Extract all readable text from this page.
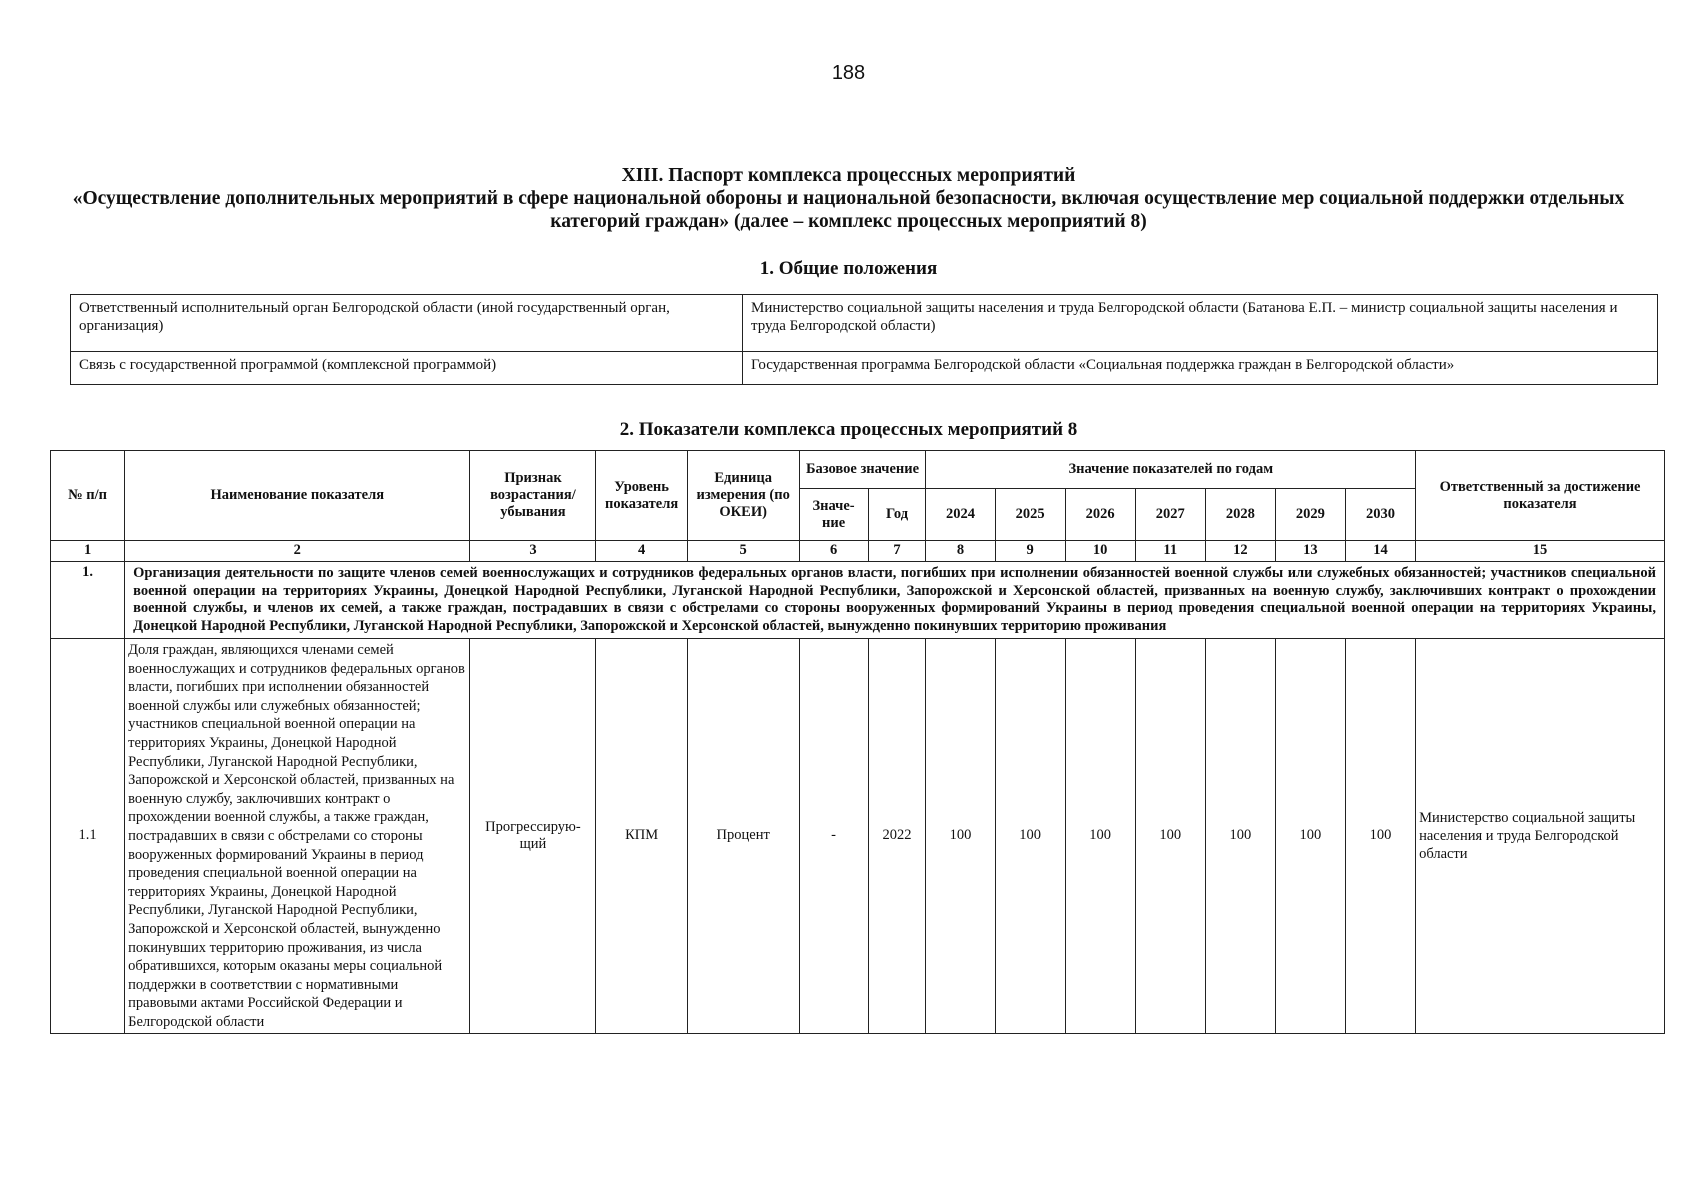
188
XIII. Паспорт комплекса процессных мероприятий
«Осуществление дополнительных мероприятий в сфере национальной обороны и национальной безопасности, включая осуществление мер социальной поддержки отдельных категорий граждан» (далее – комплекс процессных мероприятий 8)
1. Общие положения
Ответственный исполнительный орган Белгородской области (иной государственный орган, организация)	Министерство социальной защиты населения и труда Белгородской области (Батанова Е.П. – министр социальной защиты населения и труда Белгородской области)
Связь с государственной программой (комплексной программой)	Государственная программа Белгородской области «Социальная поддержка граждан в Белгородской области»
2. Показатели комплекса процессных мероприятий 8
№ п/п	Наименование показателя	Признак возрастания/ убывания	Уровень показателя	Единица измерения (по ОКЕИ)	Базовое значение		Значение показателей по годам							Ответственный за достижение показателя
					Значе-ние	Год	2024	2025	2026	2027	2028	2029	2030	
1	2	3	4	5	6	7	8	9	10	11	12	13	14	15
1.	Организация деятельности по защите членов семей военнослужащих и сотрудников федеральных органов власти, погибших при исполнении обязанностей военной службы или служебных обязанностей; участников специальной военной операции на территориях Украины, Донецкой Народной Республики, Луганской Народной Республики, Запорожской и Херсонской областей, призванных на военную службу, заключивших контракт о прохождении военной службы, и членов их семей, а также граждан, пострадавших в связи с обстрелами со стороны вооруженных формирований Украины в период проведения специальной военной операции на территориях Украины, Донецкой Народной Республики, Луганской Народной Республики, Запорожской и Херсонской областей, вынужденно покинувших территорию проживания													
1.1	Доля граждан, являющихся членами семей военнослужащих и сотрудников федеральных органов власти, погибших при исполнении обязанностей военной службы или служебных обязанностей; участников специальной военной операции на территориях Украины, Донецкой Народной Республики, Луганской Народной Республики, Запорожской и Херсонской областей, призванных на военную службу, заключивших контракт о прохождении военной службы, а также граждан, пострадавших в связи с обстрелами со стороны вооруженных формирований Украины в период проведения специальной военной операции на территориях Украины, Донецкой Народной Республики, Луганской Народной Республики, Запорожской и Херсонской областей, вынужденно покинувших территорию проживания, из числа обратившихся, которым оказаны меры социальной поддержки в соответствии с нормативными правовыми актами Российской Федерации и Белгородской области	Прогрессирую-щий	КПМ	Процент	-	2022	100	100	100	100	100	100	100	Министерство социальной защиты населения и труда Белгородской области
